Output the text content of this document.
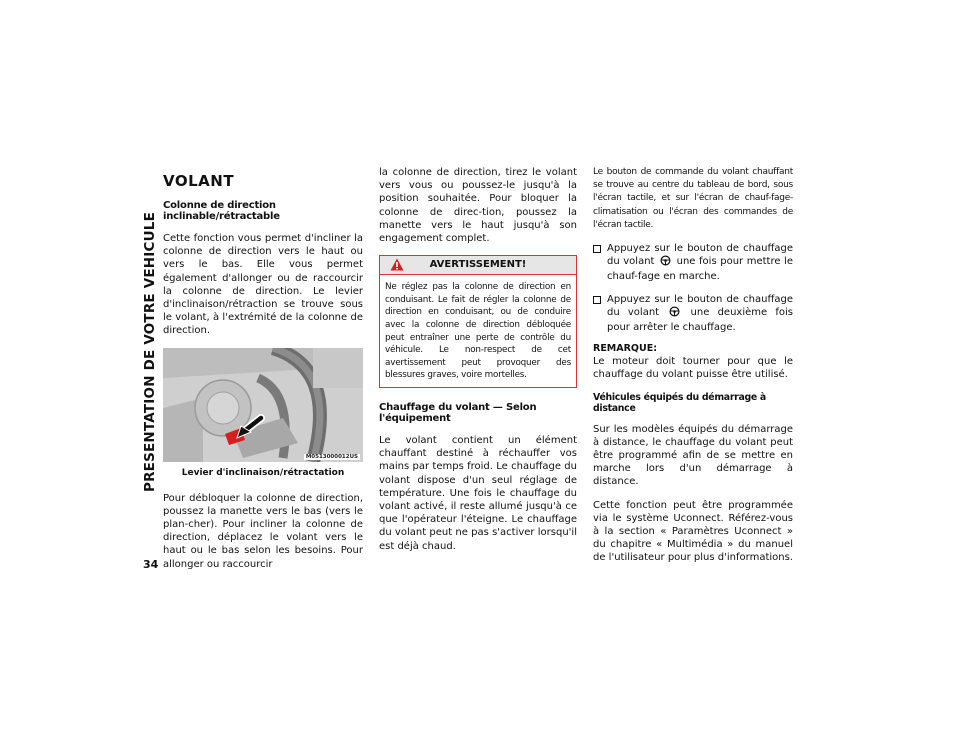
PRESENTATION DE VOTRE VEHICULE
34
VOLANT
Colonne de direction inclinable/rétractable

Cette fonction vous permet d'incliner la colonne de direction vers le haut ou vers le bas. Elle vous permet également d'allonger ou de raccourcir la colonne de direction. Le levier d'inclinaison/rétraction se trouve sous le volant, à l'extrémité de la colonne de direction.

M0513000012US
Levier d'inclinaison/rétractation

Pour débloquer la colonne de direction, poussez la manette vers le bas (vers le plan-cher). Pour incliner la colonne de direction, déplacez le volant vers le haut ou le bas selon les besoins. Pour allonger ou raccourcir

la colonne de direction, tirez le volant vers vous ou poussez-le jusqu'à la position souhaitée. Pour bloquer la colonne de direc-tion, poussez la manette vers le haut jusqu'à son engagement complet.

AVERTISSEMENT!

Ne réglez pas la colonne de direction en conduisant. Le fait de régler la colonne de direction en conduisant, ou de conduire avec la colonne de direction débloquée peut entraîner une perte de contrôle du véhicule. Le non-respect de cet avertissement peut provoquer des blessures graves, voire mortelles.

Chauffage du volant — Selon l'équipement

Le volant contient un élément chauffant destiné à réchauffer vos mains par temps froid. Le chauffage du volant dispose d'un seul réglage de température. Une fois le chauffage du volant activé, il reste allumé jusqu'à ce que l'opérateur l'éteigne. Le chauffage du volant peut ne pas s'activer lorsqu'il est déjà chaud.

Le bouton de commande du volant chauffant se trouve au centre du tableau de bord, sous l'écran tactile, et sur l'écran de chauf-fage-climatisation ou l'écran des commandes de l'écran tactile.

Appuyez sur le bouton de chauffage du volant une fois pour mettre le chauf-fage en marche.

Appuyez sur le bouton de chauffage du volant	une deuxième fois pour arrêter le chauffage.

REMARQUE:

Le moteur doit tourner pour que le chauffage du volant puisse être utilisé.

Véhicules équipés du démarrage à distance

Sur les modèles équipés du démarrage à distance, le chauffage du volant peut être programmé afin de se mettre en marche lors d'un démarrage à distance.

Cette fonction peut être programmée via le système Uconnect. Référez-vous à la section « Paramètres Uconnect » du chapitre « Multimédia » du manuel de l'utilisateur pour plus d'informations.
